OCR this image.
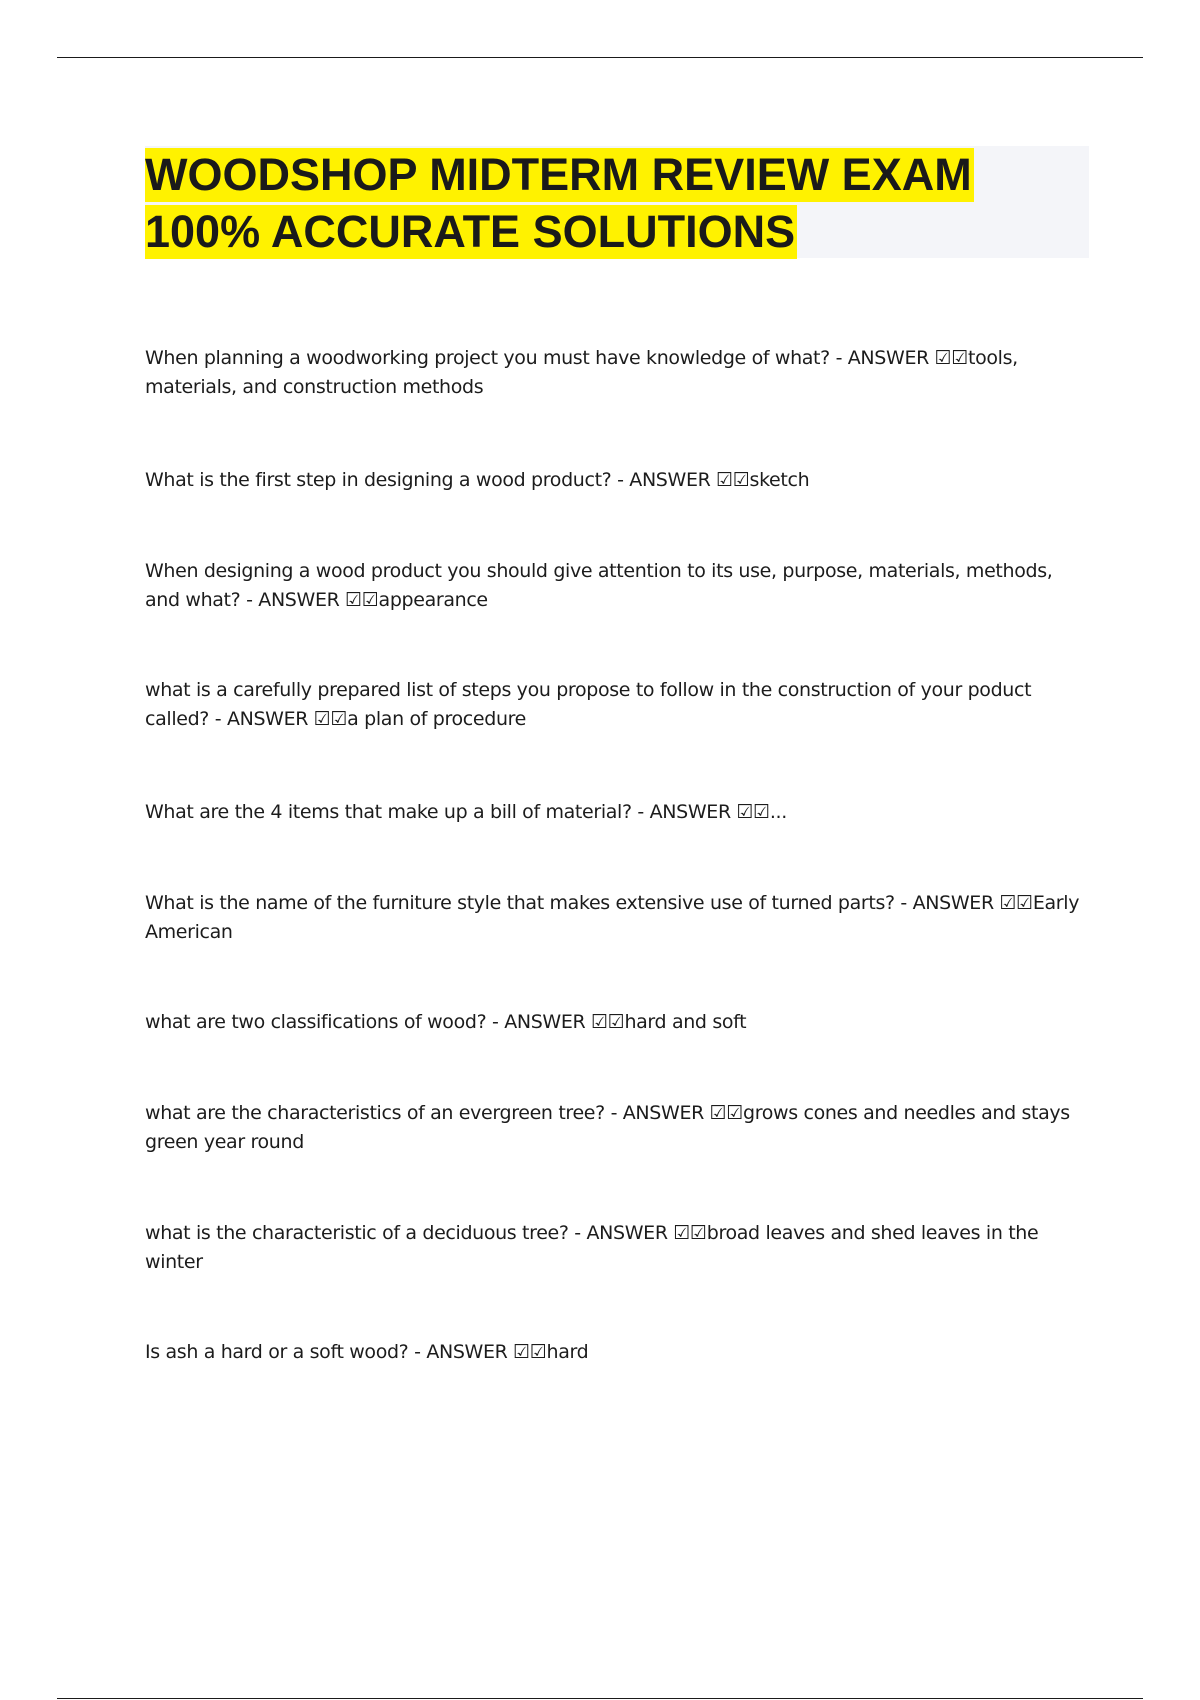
WOODSHOP MIDTERM REVIEW EXAM
100% ACCURATE SOLUTIONS

When planning a woodworking project you must have knowledge of what? - ANSWER ☑☑tools, materials, and construction methods

What is the first step in designing a wood product? - ANSWER ☑☑sketch

When designing a wood product you should give attention to its use, purpose, materials, methods, and what? - ANSWER ☑☑appearance

what is a carefully prepared list of steps you propose to follow in the construction of your poduct called? - ANSWER ☑☑a plan of procedure

What are the 4 items that make up a bill of material? - ANSWER ☑☑...

What is the name of the furniture style that makes extensive use of turned parts? - ANSWER ☑☑Early American

what are two classifications of wood? - ANSWER ☑☑hard and soft

what are the characteristics of an evergreen tree? - ANSWER ☑☑grows cones and needles and stays green year round

what is the characteristic of a deciduous tree? - ANSWER ☑☑broad leaves and shed leaves in the winter

Is ash a hard or a soft wood? - ANSWER ☑☑hard
